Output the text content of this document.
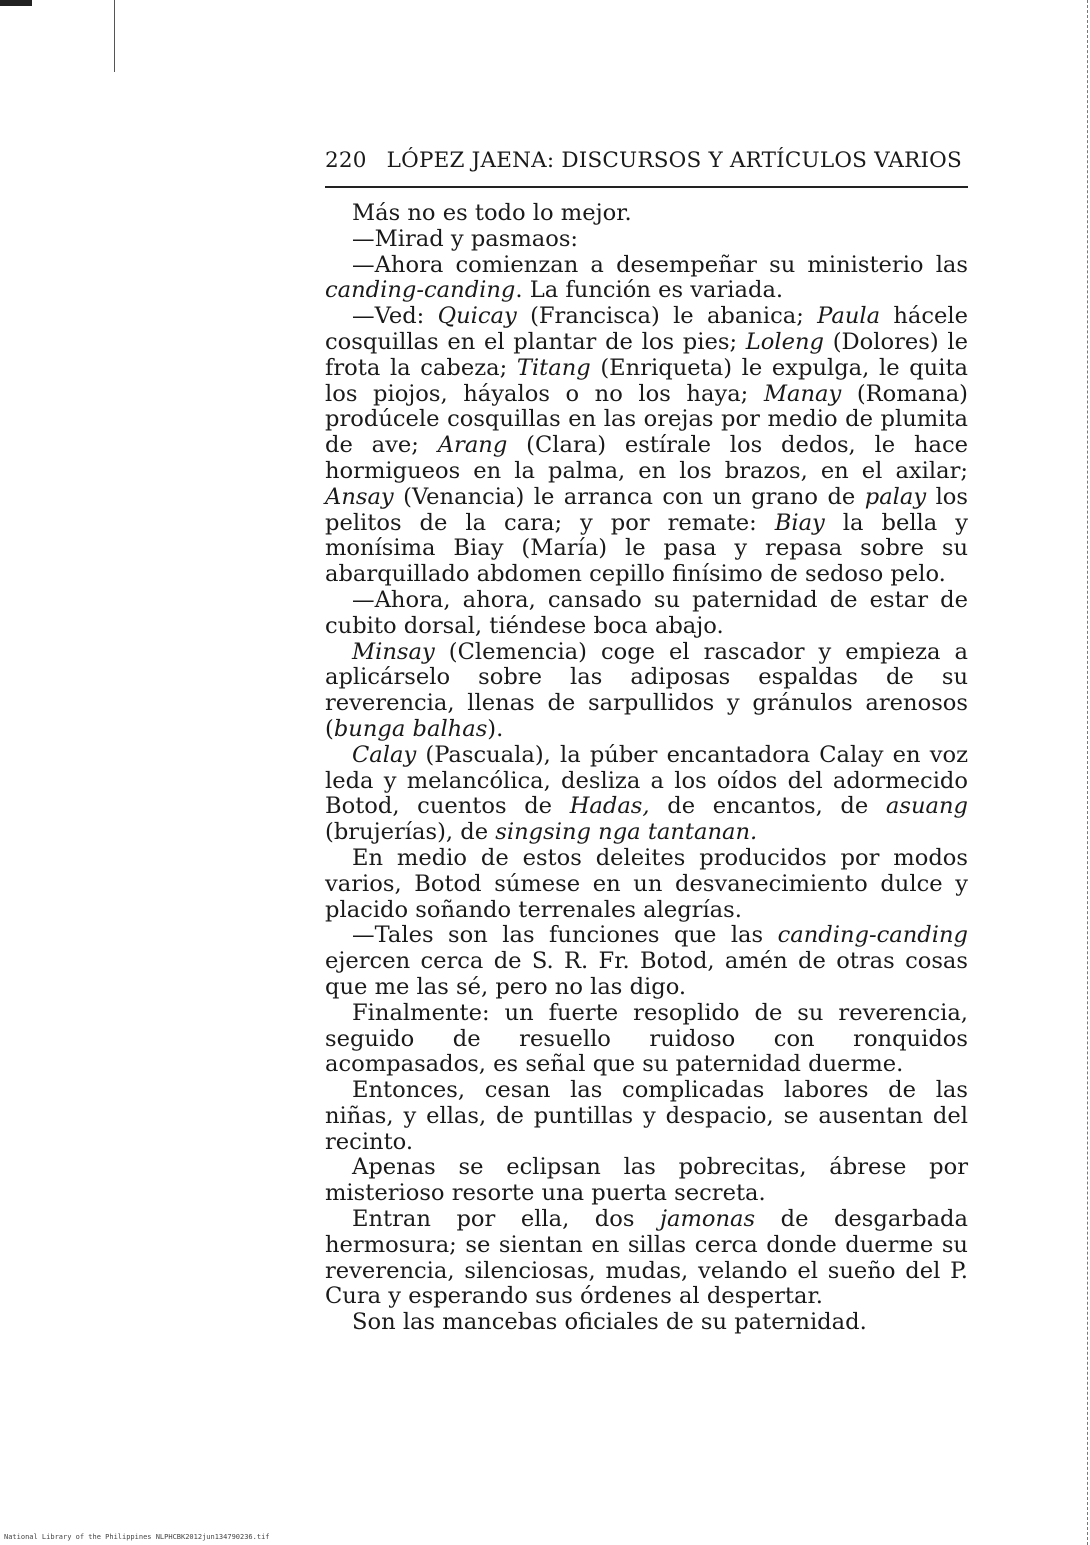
220 LÓPEZ JAENA: DISCURSOS Y ARTÍCULOS VARIOS

Más no es todo lo mejor.

—Mirad y pasmaos:

—Ahora comienzan a desempeñar su ministerio las canding-canding. La función es variada.

—Ved: Quicay (Francisca) le abanica; Paula hácele cosquillas en el plantar de los pies; Loleng (Dolores) le frota la cabeza; Titang (Enriqueta) le expulga, le quita los piojos, háyalos o no los haya; Manay (Romana) prodúcele cosquillas en las orejas por medio de plumita de ave; Arang (Clara) estírale los dedos, le hace hormigueos en la palma, en los brazos, en el axilar; Ansay (Venancia) le arranca con un grano de palay los pelitos de la cara; y por remate: Biay la bella y monísima Biay (María) le pasa y repasa sobre su abarquillado abdomen cepillo finísimo de sedoso pelo.

—Ahora, ahora, cansado su paternidad de estar de cubito dorsal, tiéndese boca abajo.

Minsay (Clemencia) coge el rascador y empieza a aplicárselo sobre las adiposas espaldas de su reverencia, llenas de sarpullidos y gránulos arenosos (bunga balhas).

Calay (Pascuala), la púber encantadora Calay en voz leda y melancólica, desliza a los oídos del adormecido Botod, cuentos de Hadas, de encantos, de asuang (brujerías), de singsing nga tantanan.

En medio de estos deleites producidos por modos varios, Botod súmese en un desvanecimiento dulce y placido soñando terrenales alegrías.

—Tales son las funciones que las canding-canding ejercen cerca de S. R. Fr. Botod, amén de otras cosas que me las sé, pero no las digo.

Finalmente: un fuerte resoplido de su reverencia, seguido de resuello ruidoso con ronquidos acompasados, es señal que su paternidad duerme.

Entonces, cesan las complicadas labores de las niñas, y ellas, de puntillas y despacio, se ausentan del recinto.

Apenas se eclipsan las pobrecitas, ábrese por misterioso resorte una puerta secreta.

Entran por ella, dos jamonas de desgarbada hermosura; se sientan en sillas cerca donde duerme su reverencia, silenciosas, mudas, velando el sueño del P. Cura y esperando sus órdenes al despertar.

Son las mancebas oficiales de su paternidad.

National Library of the Philippines NLPHCBK2012jun134790236.tif
